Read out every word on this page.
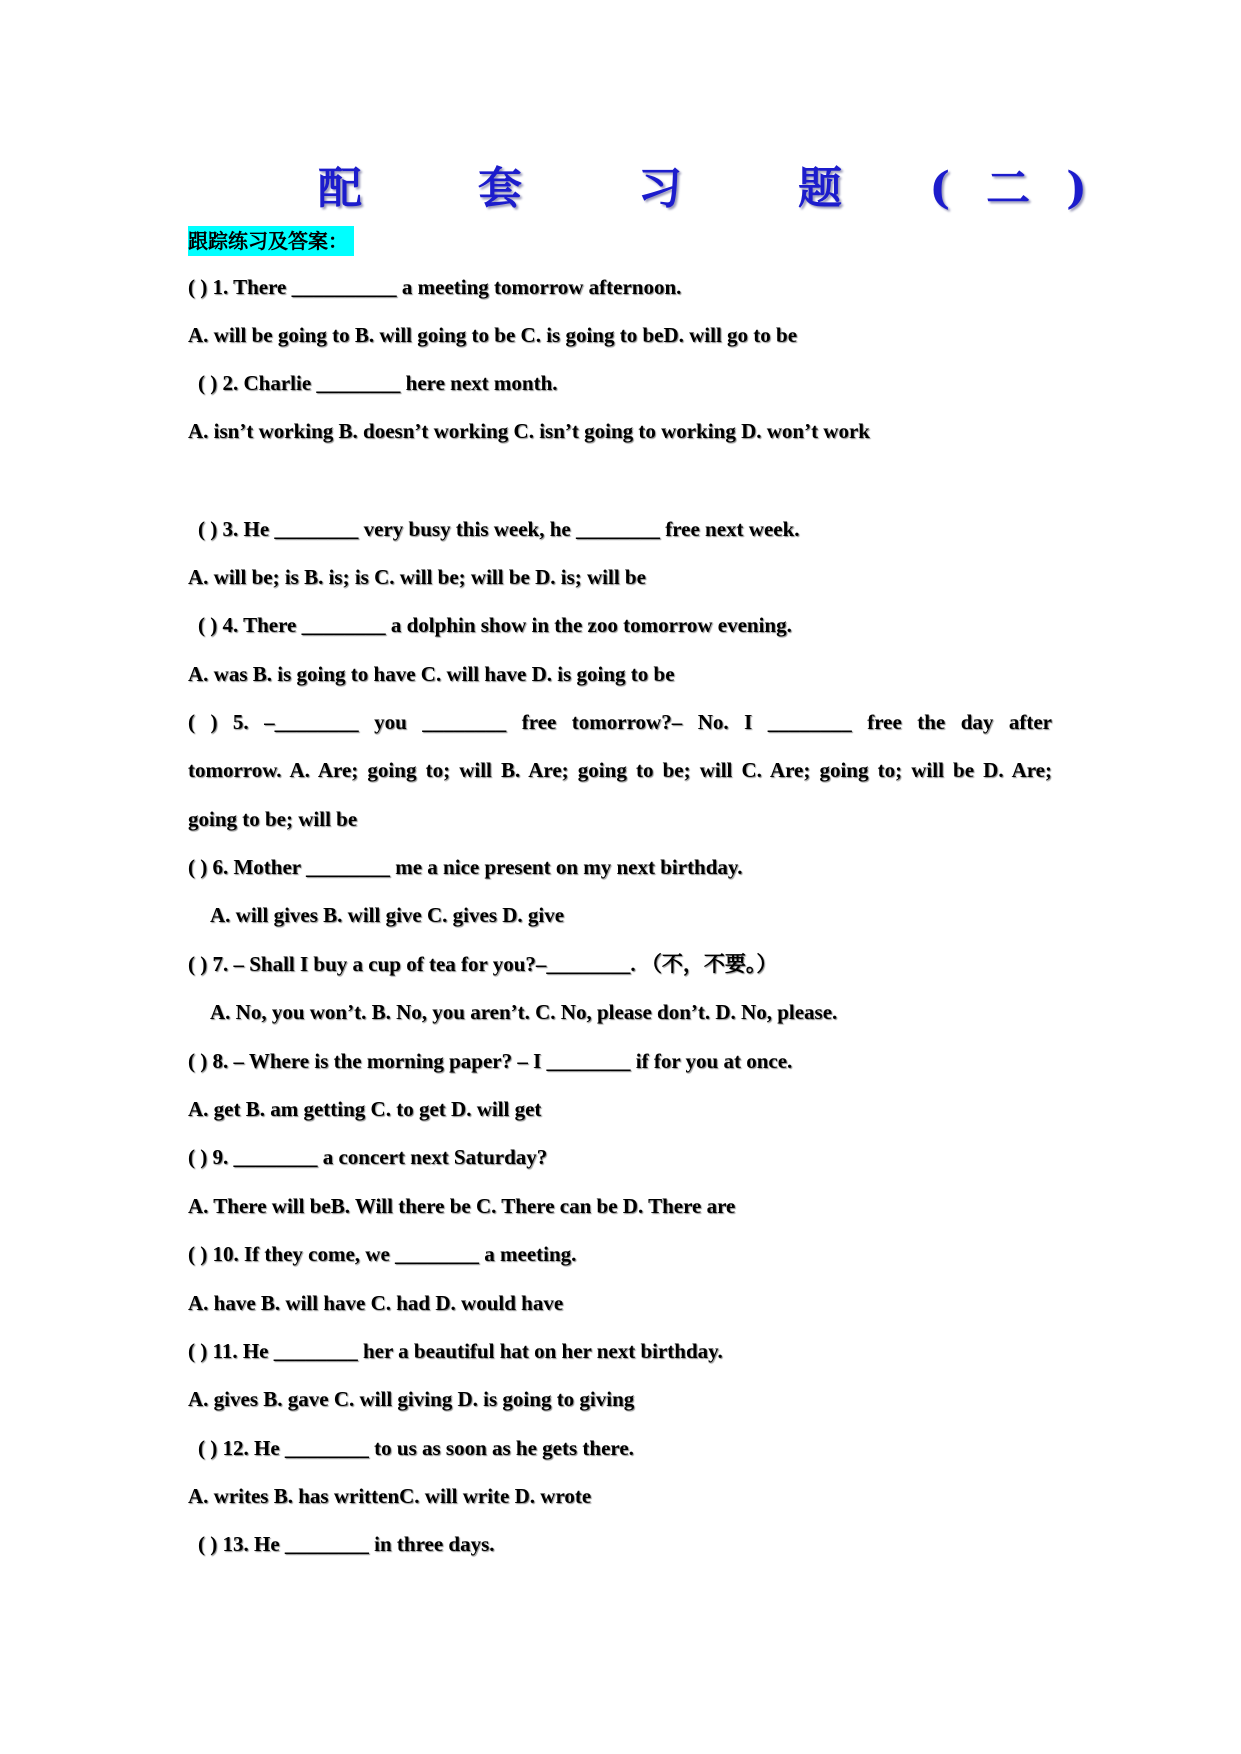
配　套　习　题 (二)
跟踪练习及答案：
( ) 1. There __________ a meeting tomorrow afternoon.
A. will be going to B. will going to be C. is going to beD. will go to be
( ) 2. Charlie ________ here next month.
A. isn’t working B. doesn’t working C. isn’t going to working D. won’t work
( ) 3. He ________ very busy this week, he ________ free next week.
A. will be; is B. is; is C. will be; will be D. is; will be
( ) 4. There ________ a dolphin show in the zoo tomorrow evening.
A. was B. is going to have C. will have D. is going to be
( ) 5. –________ you ________ free tomorrow?– No. I ________ free the day after
tomorrow. A. Are; going to; will B. Are; going to be; will C. Are; going to; will be D. Are;
going to be; will be
( ) 6. Mother ________ me a nice present on my next birthday.
A. will gives B. will give C. gives D. give
( ) 7. – Shall I buy a cup of tea for you?–________. （不，不要。）
A. No, you won’t. B. No, you aren’t. C. No, please don’t. D. No, please.
( ) 8. – Where is the morning paper? – I ________ if for you at once.
A. get B. am getting C. to get D. will get
( ) 9. ________ a concert next Saturday?
A. There will beB. Will there be C. There can be D. There are
( ) 10. If they come, we ________ a meeting.
A. have B. will have C. had D. would have
( ) 11. He ________ her a beautiful hat on her next birthday.
A. gives B. gave C. will giving D. is going to giving
( ) 12. He ________ to us as soon as he gets there.
A. writes B. has writtenC. will write D. wrote
( ) 13. He ________ in three days.
